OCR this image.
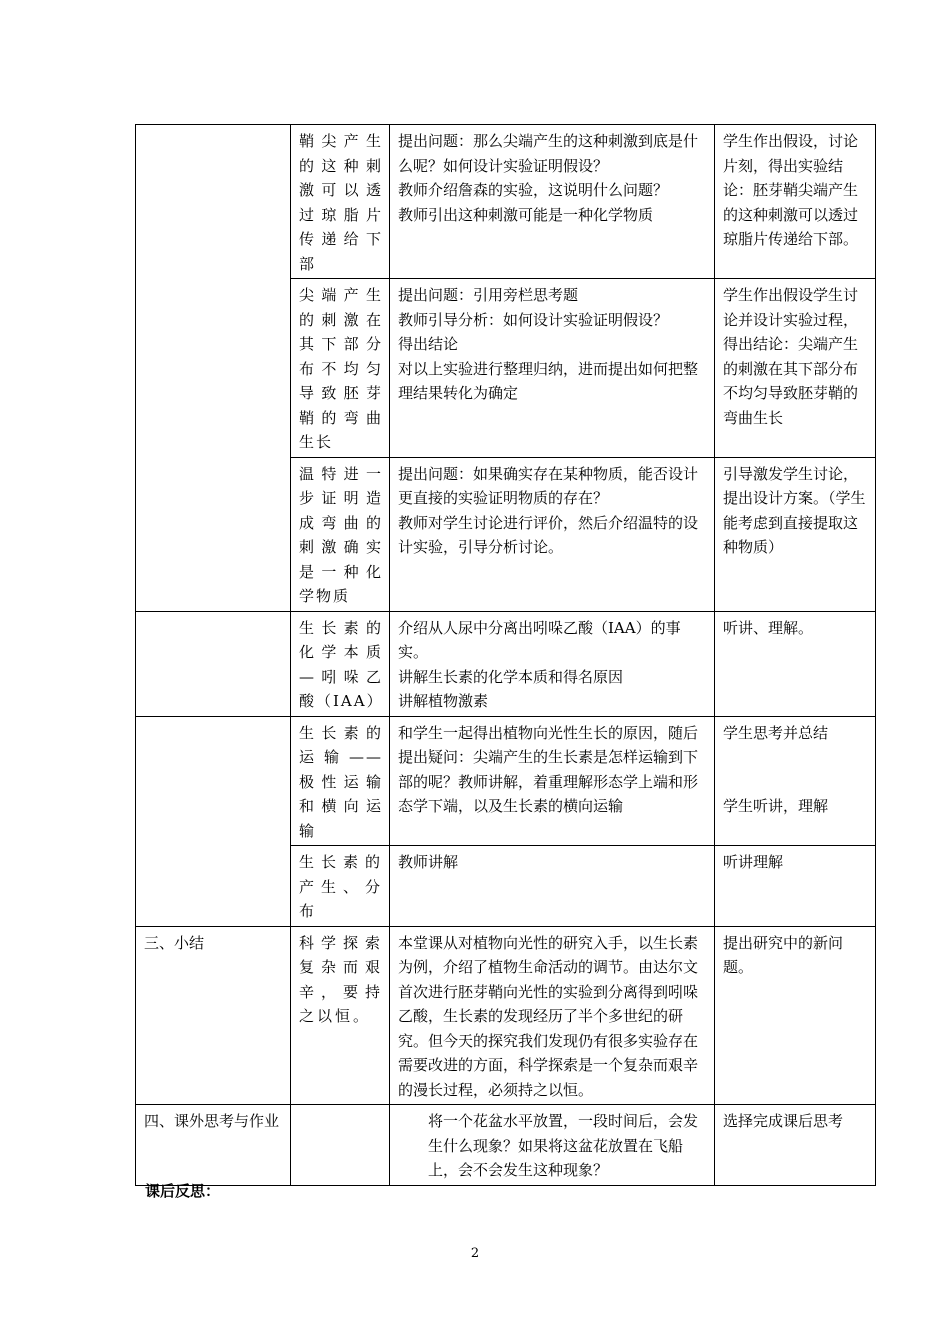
	鞘尖产生的这种刺激可以透过琼脂片传递给下部	提出问题：那么尖端产生的这种刺激到底是什么呢？如何设计实验证明假设？
教师介绍詹森的实验，这说明什么问题？
教师引出这种刺激可能是一种化学物质	学生作出假设，讨论片刻，得出实验结论：胚芽鞘尖端产生的这种刺激可以透过琼脂片传递给下部。

	尖端产生的刺激在其下部分布不均匀导致胚芽鞘的弯曲生长	提出问题：引用旁栏思考题
教师引导分析：如何设计实验证明假设？
得出结论
对以上实验进行整理归纳，进而提出如何把整理结果转化为确定	学生作出假设学生讨论并设计实验过程，得出结论：尖端产生的刺激在其下部分布不均匀导致胚芽鞘的弯曲生长

	温特进一步证明造成弯曲的刺激确实是一种化学物质	提出问题：如果确实存在某种物质，能否设计更直接的实验证明物质的存在？
教师对学生讨论进行评价，然后介绍温特的设计实验，引导分析讨论。	引导激发学生讨论，提出设计方案。（学生能考虑到直接提取这种物质）

	生长素的化学本质—吲哚乙酸（IAA）	介绍从人尿中分离出吲哚乙酸（IAA）的事实。
讲解生长素的化学本质和得名原因
讲解植物激素	听讲、理解。

	生长素的运输——极性运输和横向运输	和学生一起得出植物向光性生长的原因，随后提出疑问：尖端产生的生长素是怎样运输到下部的呢？教师讲解，着重理解形态学上端和形态学下端，以及生长素的横向运输	学生思考并总结
学生听讲，理解

	生长素的产生、分布	教师讲解	听讲理解

三、小结	科学探索复杂而艰辛，要持之以恒。	本堂课从对植物向光性的研究入手，以生长素为例，介绍了植物生命活动的调节。由达尔文首次进行胚芽鞘向光性的实验到分离得到吲哚乙酸，生长素的发现经历了半个多世纪的研究。但今天的探究我们发现仍有很多实验存在需要改进的方面，科学探索是一个复杂而艰辛的漫长过程，必须持之以恒。	提出研究中的新问题。

四、课外思考与作业		将一个花盆水平放置，一段时间后，会发生什么现象？如果将这盆花放置在飞船上，会不会发生这种现象？	选择完成课后思考
课后反思：
2
